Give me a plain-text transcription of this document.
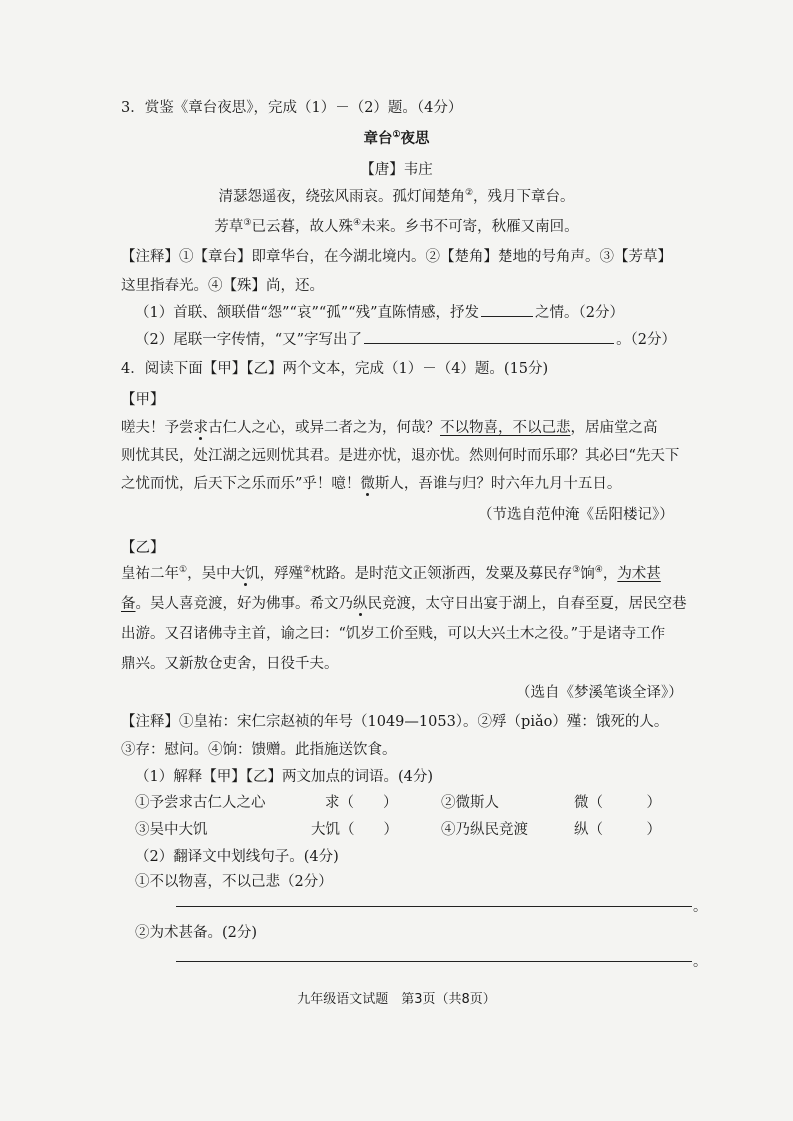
3．赏鉴《章台夜思》，完成（1）－（2）题。（4分）
章台①夜思
【唐】韦庄
清瑟怨遥夜，绕弦风雨哀。孤灯闻楚角②，残月下章台。
芳草③已云暮，故人殊④未来。乡书不可寄，秋雁又南回。
【注释】①【章台】即章华台，在今湖北境内。②【楚角】楚地的号角声。③【芳草】
这里指春光。④【殊】尚，还。
（1）首联、颔联借“怨”“哀”“孤”“残”直陈情感，抒发	之情。（2分）
（2）尾联一字传情，“又”字写出了	。（2分）
4．阅读下面【甲】【乙】两个文本，完成（1）－（4）题。(15分)
【甲】
嗟夫！予尝求古仁人之心，或异二者之为，何哉？不以物喜，不以己悲，居庙堂之高
则忧其民，处江湖之远则忧其君。是进亦忧，退亦忧。然则何时而乐耶？其必曰“先天下
之忧而忧，后天下之乐而乐”乎！噫！微斯人，吾谁与归？时六年九月十五日。
（节选自范仲淹《岳阳楼记》）
【乙】
皇祐二年①，吴中大饥，殍殣②枕路。是时范文正领浙西，发粟及募民存③饷④，为术甚
备。吴人喜竞渡，好为佛事。希文乃纵民竞渡，太守日出宴于湖上，自春至夏，居民空巷
出游。又召诸佛寺主首，谕之曰：“饥岁工价至贱，可以大兴土木之役。”于是诸寺工作
鼎兴。又新敖仓吏舍，日役千夫。
（选自《梦溪笔谈全译》）
【注释】①皇祐：宋仁宗赵祯的年号（1049—1053）。②殍（piǎo）殣：饿死的人。
③存：慰问。④饷：馈赠。此指施送饮食。
（1）解释【甲】【乙】两文加点的词语。(4分)
①予尝求古仁人之心	求（　　）	②微斯人	微（　　　）
③吴中大饥	大饥（　　）	④乃纵民竞渡	纵（　　　）
（2）翻译文中划线句子。(4分)
①不以物喜，不以己悲（2分）
。
②为术甚备。(2分)
。
九年级语文试题　第3页（共8页）
